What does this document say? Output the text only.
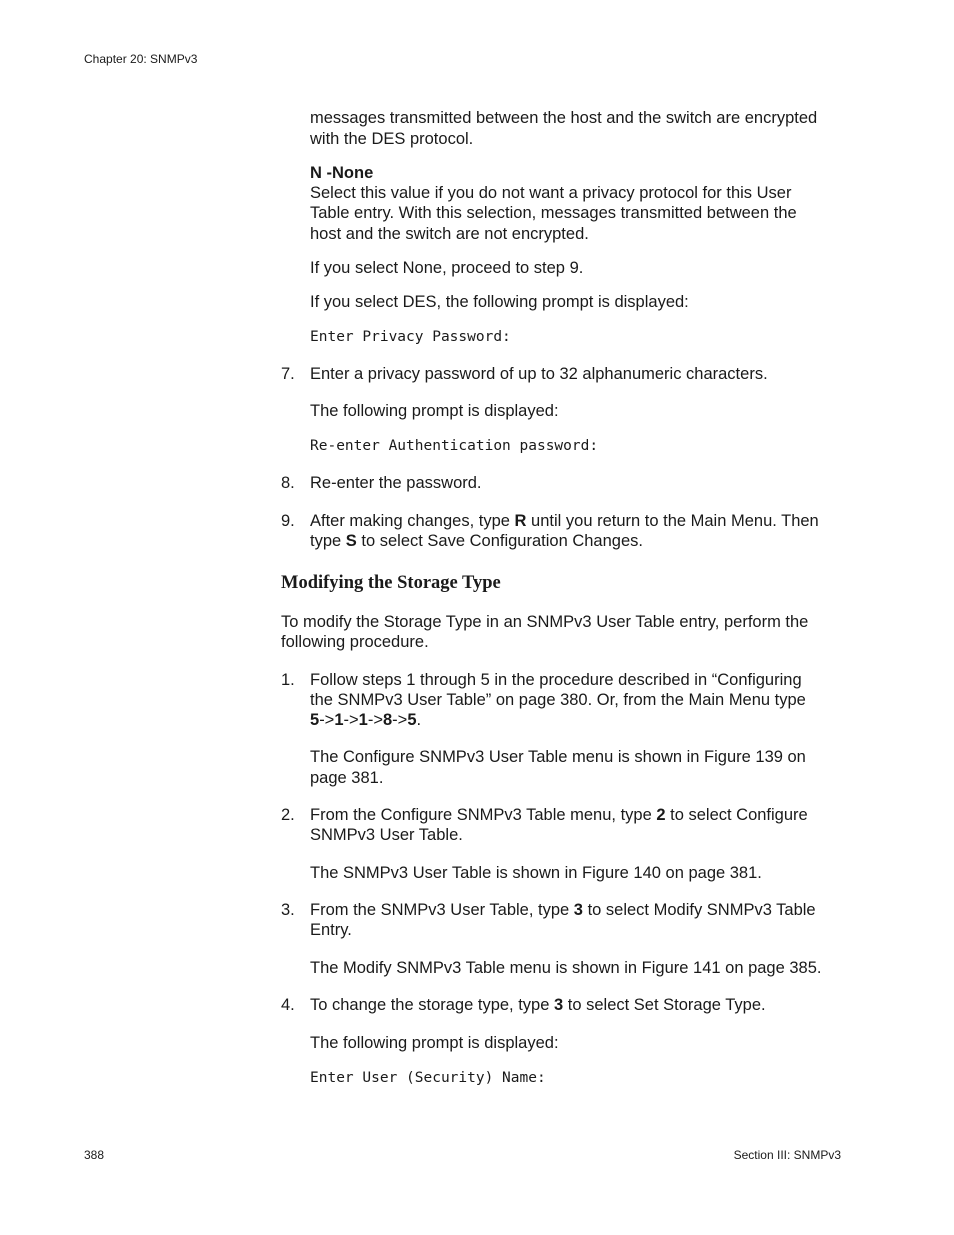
Chapter 20: SNMPv3
messages transmitted between the host and the switch are encrypted
with the DES protocol.
N -None
Select this value if you do not want a privacy protocol for this User
Table entry. With this selection, messages transmitted between the
host and the switch are not encrypted.
If you select None, proceed to step 9.
If you select DES, the following prompt is displayed:
Enter Privacy Password:
7. Enter a privacy password of up to 32 alphanumeric characters.
The following prompt is displayed:
Re-enter Authentication password:
8. Re-enter the password.
9. After making changes, type R until you return to the Main Menu. Then
type S to select Save Configuration Changes.
Modifying the Storage Type
To modify the Storage Type in an SNMPv3 User Table entry, perform the
following procedure.
1. Follow steps 1 through 5 in the procedure described in “Configuring
the SNMPv3 User Table” on page 380. Or, from the Main Menu type
5->1->1->8->5.
The Configure SNMPv3 User Table menu is shown in Figure 139 on
page 381.
2. From the Configure SNMPv3 Table menu, type 2 to select Configure
SNMPv3 User Table.
The SNMPv3 User Table is shown in Figure 140 on page 381.
3. From the SNMPv3 User Table, type 3 to select Modify SNMPv3 Table
Entry.
The Modify SNMPv3 Table menu is shown in Figure 141 on page 385.
4. To change the storage type, type 3 to select Set Storage Type.
The following prompt is displayed:
Enter User (Security) Name:
388	Section III: SNMPv3
